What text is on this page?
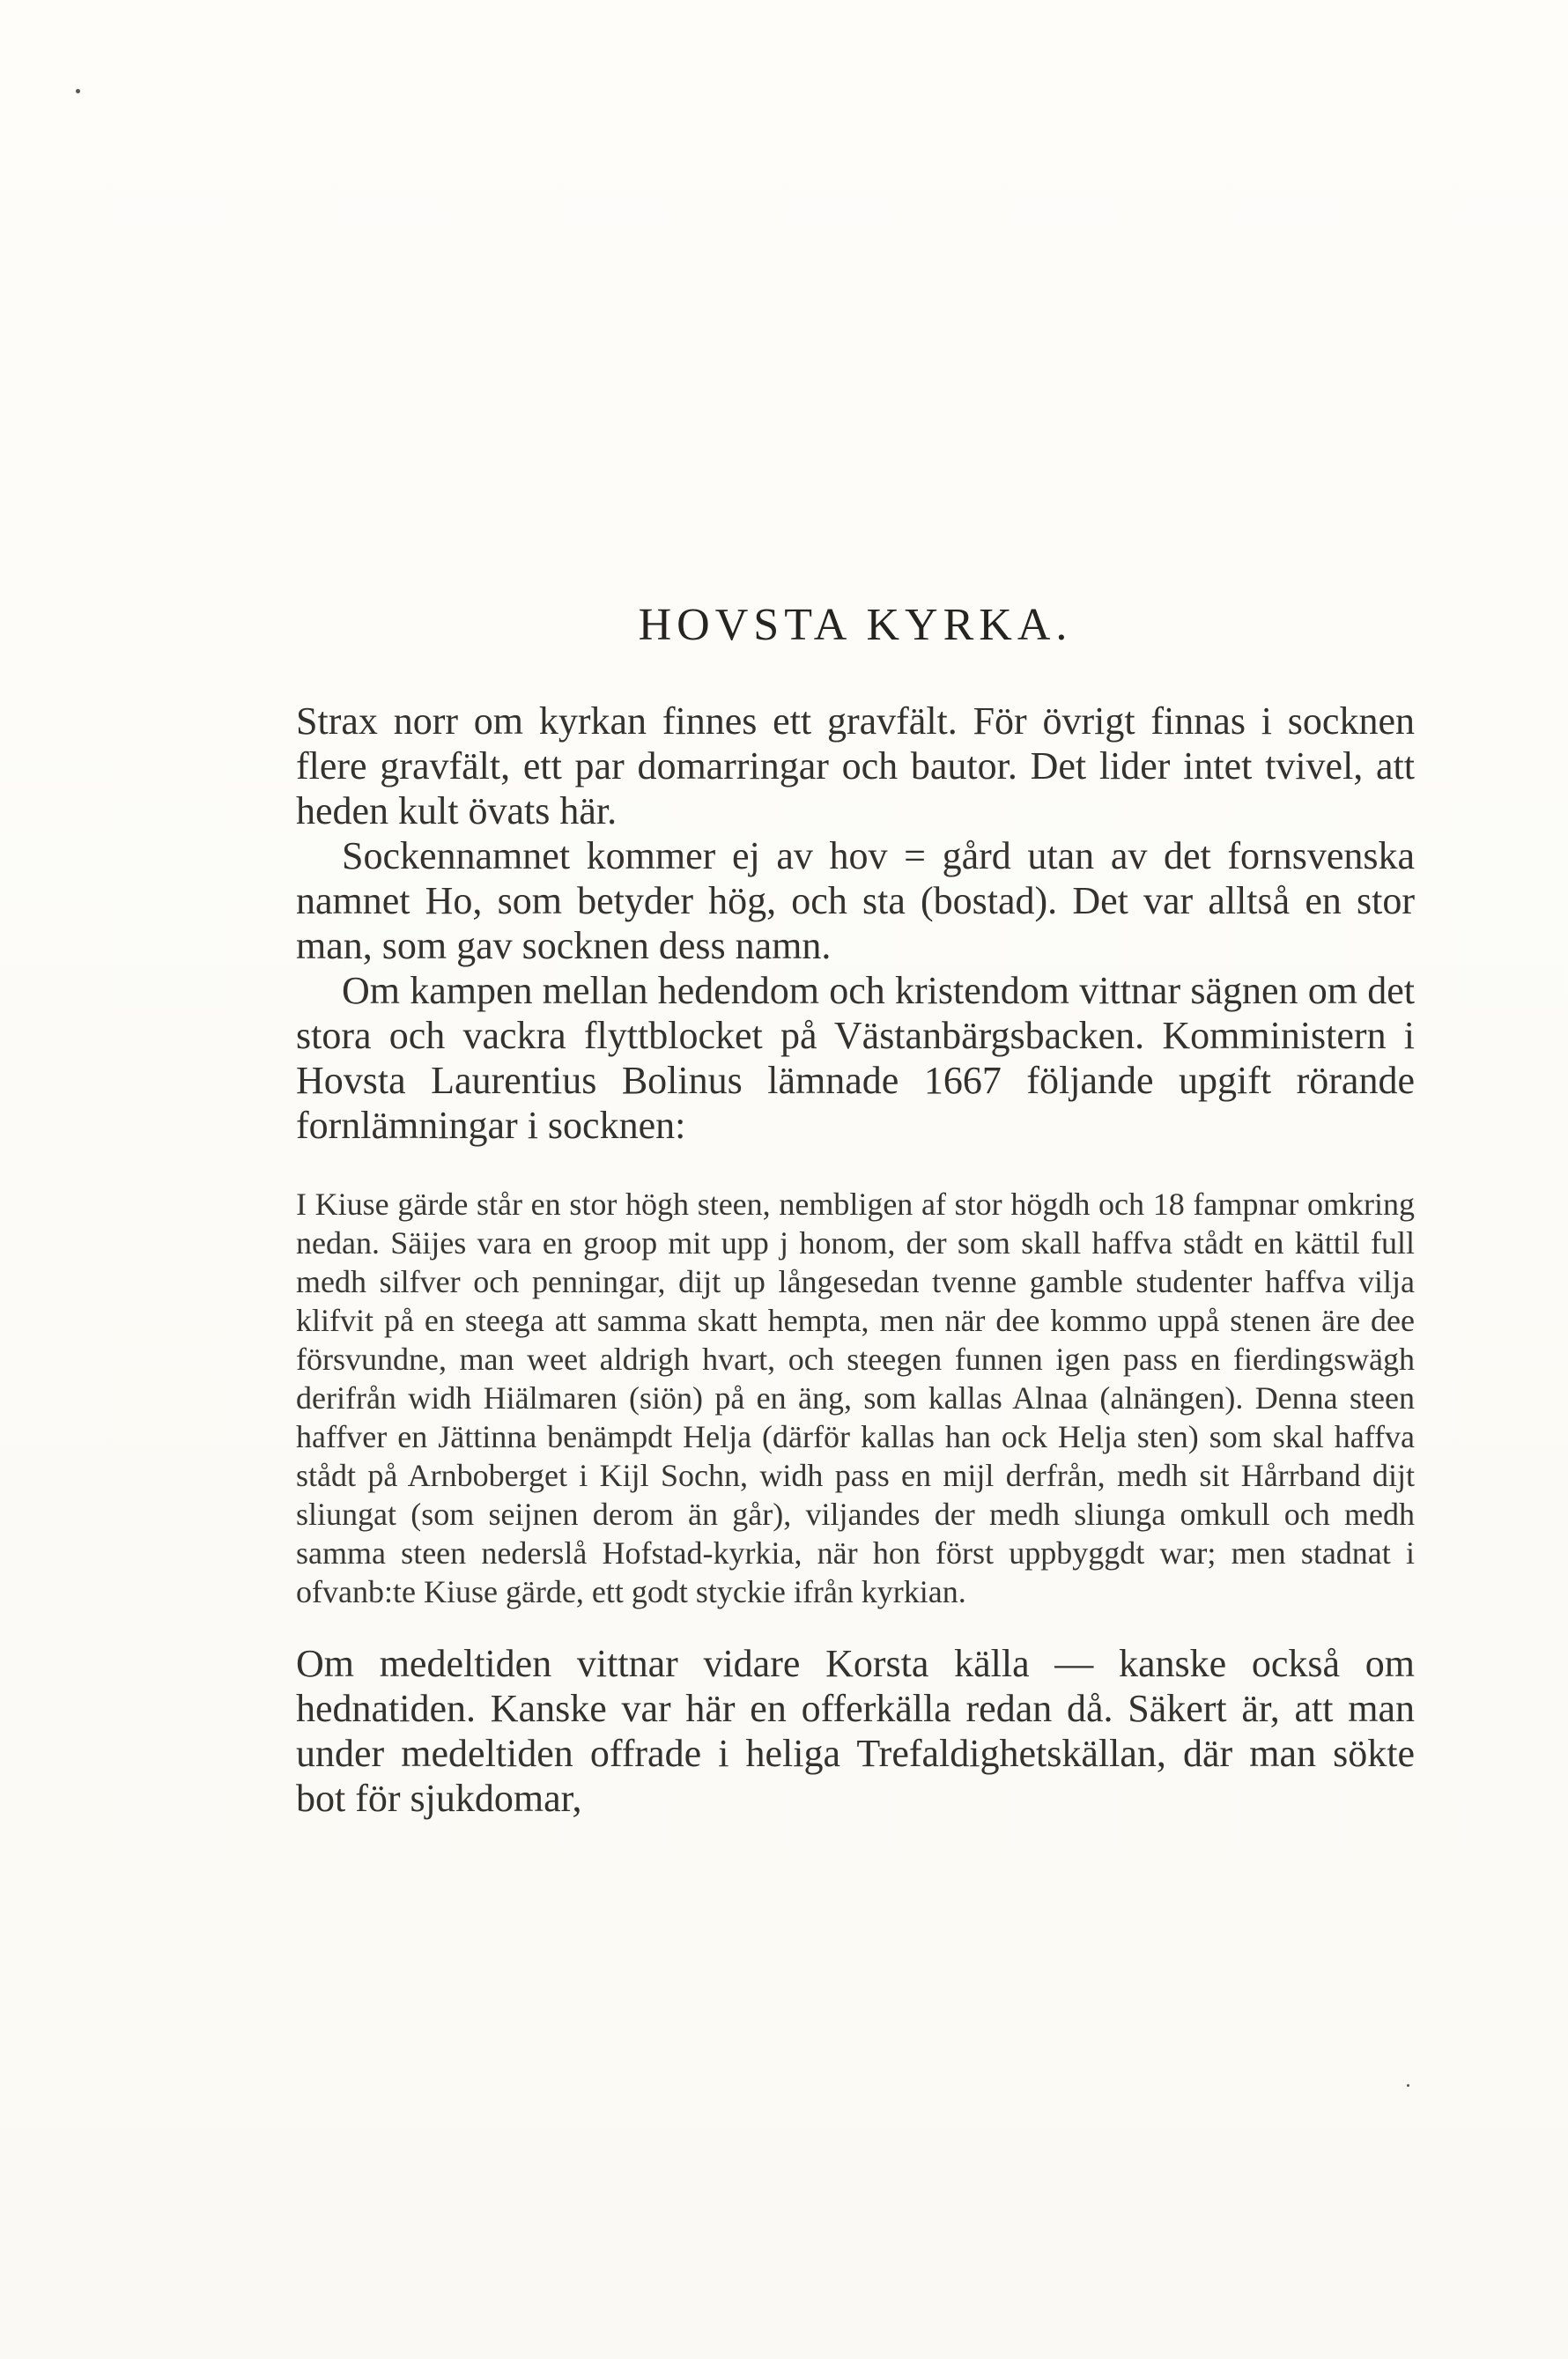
HOVSTA KYRKA.

Strax norr om kyrkan finnes ett gravfält. För övrigt finnas i socknen flere gravfält, ett par domarringar och bautor. Det lider intet tvivel, att heden kult övats här.

Sockennamnet kommer ej av hov = gård utan av det fornsvenska namnet Ho, som betyder hög, och sta (bostad). Det var alltså en stor man, som gav socknen dess namn.

Om kampen mellan hedendom och kristendom vittnar sägnen om det stora och vackra flyttblocket på Västanbärgsbacken. Komministern i Hovsta Laurentius Bolinus lämnade 1667 följande upgift rörande fornlämningar i socknen:

I Kiuse gärde står en stor högh steen, nembligen af stor högdh och 18 fampnar omkring nedan. Säijes vara en groop mit upp j honom, der som skall haffva stådt en kättil full medh silfver och penningar, dijt up långesedan tvenne gamble studenter haffva vilja klifvit på en steega att samma skatt hempta, men när dee kommo uppå stenen äre dee försvundne, man weet aldrigh hvart, och steegen funnen igen pass en fierdingswägh derifrån widh Hiälmaren (siön) på en äng, som kallas Alnaa (alnängen). Denna steen haffver en Jättinna benämpdt Helja (därför kallas han ock Helja sten) som skal haffva stådt på Arnboberget i Kijl Sochn, widh pass en mijl derfrån, medh sit Hårrband dijt sliungat (som seijnen derom än går), viljandes der medh sliunga omkull och medh samma steen nederslå Hofstad-kyrkia, när hon först uppbyggdt war; men stadnat i ofvanb:te Kiuse gärde, ett godt styckie ifrån kyrkian.

Om medeltiden vittnar vidare Korsta källa — kanske också om hednatiden. Kanske var här en offerkälla redan då. Säkert är, att man under medeltiden offrade i heliga Trefaldighetskällan, där man sökte bot för sjukdomar,
